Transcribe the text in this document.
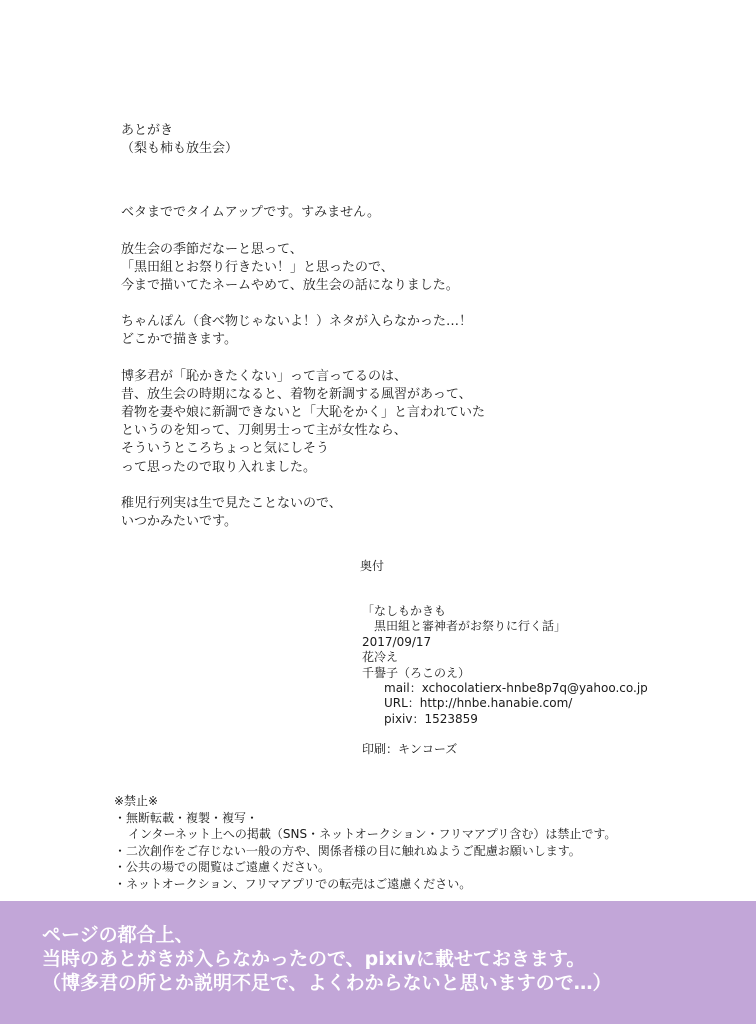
あとがき

（梨も柿も放生会）

ベタまででタイムアップです。すみません。

放生会の季節だなーと思って、
「黒田組とお祭り行きたい！」と思ったので、
今まで描いてたネームやめて、放生会の話になりました。

ちゃんぽん（食べ物じゃないよ！）ネタが入らなかった…！
どこかで描きます。

博多君が「恥かきたくない」って言ってるのは、
昔、放生会の時期になると、着物を新調する風習があって、
着物を妻や娘に新調できないと「大恥をかく」と言われていた
というのを知って、刀剣男士って主が女性なら、
そういうところちょっと気にしそう
って思ったので取り入れました。

稚児行列実は生で見たことないので、
いつかみたいです。

奥付
「なしもかきも
黒田組と審神者がお祭りに行く話」
2017/09/17
花冷え
千譽子（ろこのえ）
mail：xchocolatierx-hnbe8p7q@yahoo.co.jp
URL：http://hnbe.hanabie.com/
pixiv：1523859
印刷：キンコーズ
※禁止※
・無断転載・複製・複写・
インターネット上への掲載（SNS・ネットオークション・フリマアプリ含む）は禁止です。
・二次創作をご存じない一般の方や、関係者様の目に触れぬようご配慮お願いします。
・公共の場での閲覧はご遠慮ください。
・ネットオークション、フリマアプリでの転売はご遠慮ください。
ページの都合上、
当時のあとがきが入らなかったので、pixivに載せておきます。
（博多君の所とか説明不足で、よくわからないと思いますので…）
